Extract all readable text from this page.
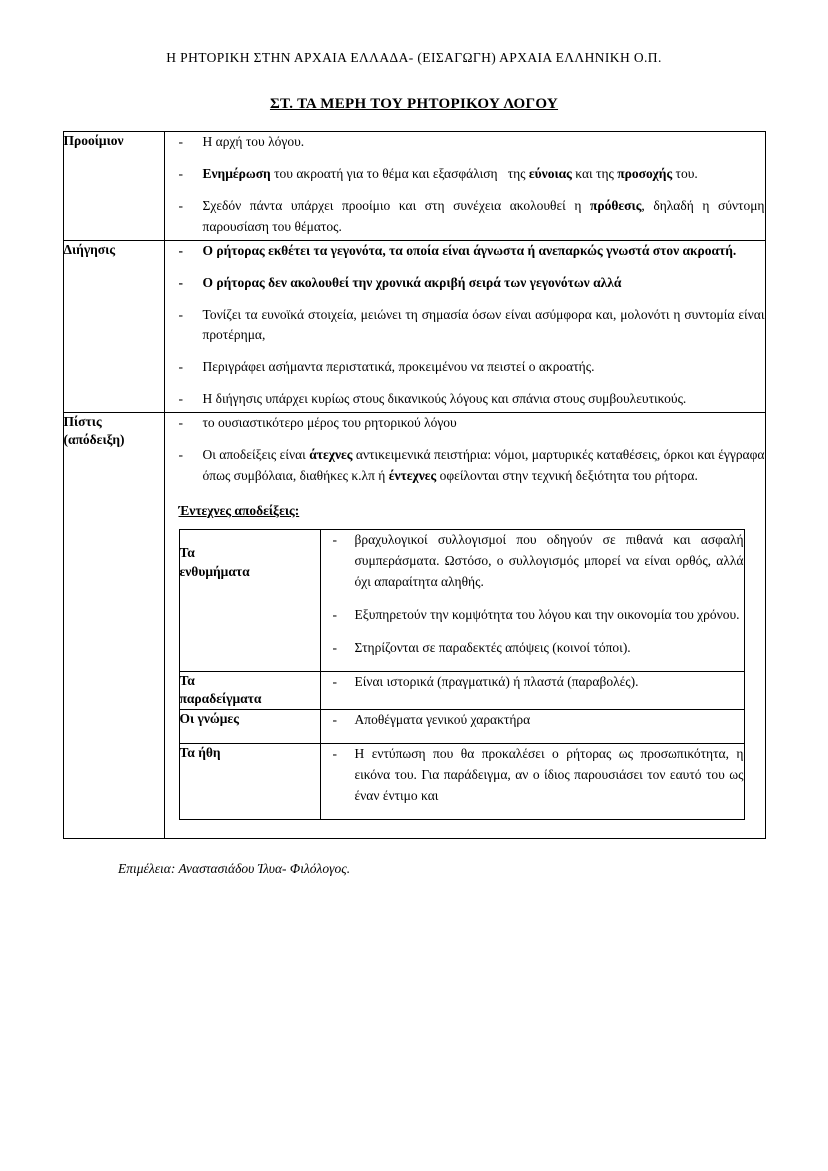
Η ΡΗΤΟΡΙΚΗ ΣΤΗΝ ΑΡΧΑΙΑ ΕΛΛΑΔΑ- (ΕΙΣΑΓΩΓΗ) ΑΡΧΑΙΑ ΕΛΛΗΝΙΚΗ Ο.Π.
ΣΤ. ΤΑ ΜΕΡΗ ΤΟΥ ΡΗΤΟΡΙΚΟΥ ΛΟΓΟΥ
Προοίμιον	
-Η αρχή του λόγου.
- Ενημέρωση του ακροατή για το θέμα και εξασφάλιση   της εύνοιας και της προσοχής του.
- Σχεδόν πάντα υπάρχει προοίμιο και στη συνέχεια ακολουθεί η πρόθεσις, δηλαδή η σύντομη παρουσίαση του θέματος.

Διήγησις	
-Ο ρήτορας εκθέτει τα γεγονότα, τα οποία είναι άγνωστα ή ανεπαρκώς γνωστά στον ακροατή.
- Ο ρήτορας δεν ακολουθεί την χρονικά ακριβή σειρά των γεγονότων αλλά
- Τονίζει τα ευνοϊκά στοιχεία, μειώνει τη σημασία όσων είναι ασύμφορα και, μολονότι η συντομία είναι προτέρημα,
- Περιγράφει ασήμαντα περιστατικά, προκειμένου να πειστεί ο ακροατής.
- Η διήγησις υπάρχει κυρίως στους δικανικούς λόγους και σπάνια στους συμβουλευτικούς.

Πίστις
(απόδειξη)	
- το ουσιαστικότερο μέρος του ρητορικού λόγου
- Οι αποδείξεις είναι άτεχνες αντικειμενικά πειστήρια: νόμοι, μαρτυρικές καταθέσεις, όρκοι και έγγραφα όπως συμβόλαια, διαθήκες κ.λπ ή έντεχνες οφείλονται στην τεχνική δεξιότητα του ρήτορα.
Έντεχνες αποδείξεις:
Τα
ενθυμήματα	
- βραχυλογικοί συλλογισμοί που οδηγούν σε πιθανά και ασφαλή συμπεράσματα. Ωστόσο, ο συλλογισμός μπορεί να είναι ορθός, αλλά όχι απαραίτητα αληθής.
- Εξυπηρετούν την κομψότητα του λόγου και την οικονομία του χρόνου.
- Στηρίζονται σε παραδεκτές απόψεις (κοινοί τόποι).

Τα
παραδείγματα	
- Είναι ιστορικά (πραγματικά) ή πλαστά (παραβολές).

Οι γνώμες	
-Αποθέγματα γενικού χαρακτήρα

Τα ήθη	
-Η εντύπωση που θα προκαλέσει ο ρήτορας ως προσωπικότητα, η εικόνα του. Για παράδειγμα, αν ο ίδιος παρουσιάσει τον εαυτό του ως έναν έντιμο και
Επιμέλεια: Αναστασιάδου Ίλυα- Φιλόλογος.
